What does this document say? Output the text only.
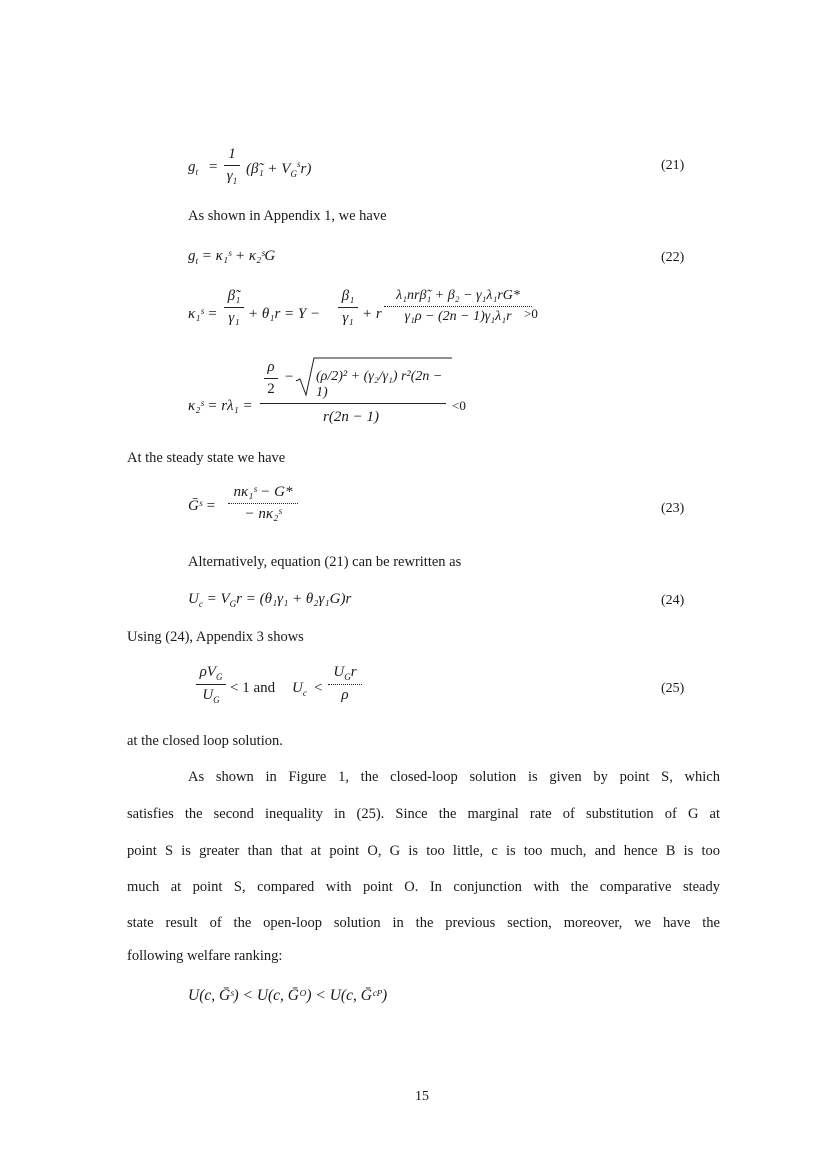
$g_t$ =
1
$\gamma_1$
(β̃₁ + $V_G^sr$)	(21)
As shown in Appendix 1, we have
$g_t$ = κ₁ˢ + κ₂ˢG	(22)
κ₁ˢ =
β̃₁
γ₁ + θ₁r = Y −
β₁
γ₁ + r
λ₁nrβ̃₁ + β₂ − γ₁λ₁rG*
γ₁ρ − (2n − 1)γ₁λ₁r >0
κ₂ˢ = rλ₁ =
ρ
2
− (ρ/2)² + (γ₂/γ₁) r²(2n − 1)
r(2n − 1)
<0
At the steady state we have
Ḡˢ =
nκ₁ˢ − G*
− nκ₂ˢ	(23)
Alternatively, equation (21) can be rewritten as
$U_c = V_Gr = (\theta_1\gamma_1 + \theta_2\gamma_1G)r$	(24)
Using (24), Appendix 3 shows
$\rho V_G$
$U_G$
< 1 and $U_c$ <
$U_Gr$
ρ	(25)
at the closed loop solution.
As shown in Figure 1, the closed-loop solution is given by point S, which
satisfies the second inequality in (25). Since the marginal rate of substitution of G at
point S is greater than that at point O, G is too little, c is too much, and hence B is too
much at point S, compared with point O. In conjunction with the comparative steady
state result of the open-loop solution in the previous section, moreover, we have the
following welfare ranking:
U(c, Ḡˢ) < U(c, Ḡᴼ) < U(c, Ḡᶜᴾ)
15
